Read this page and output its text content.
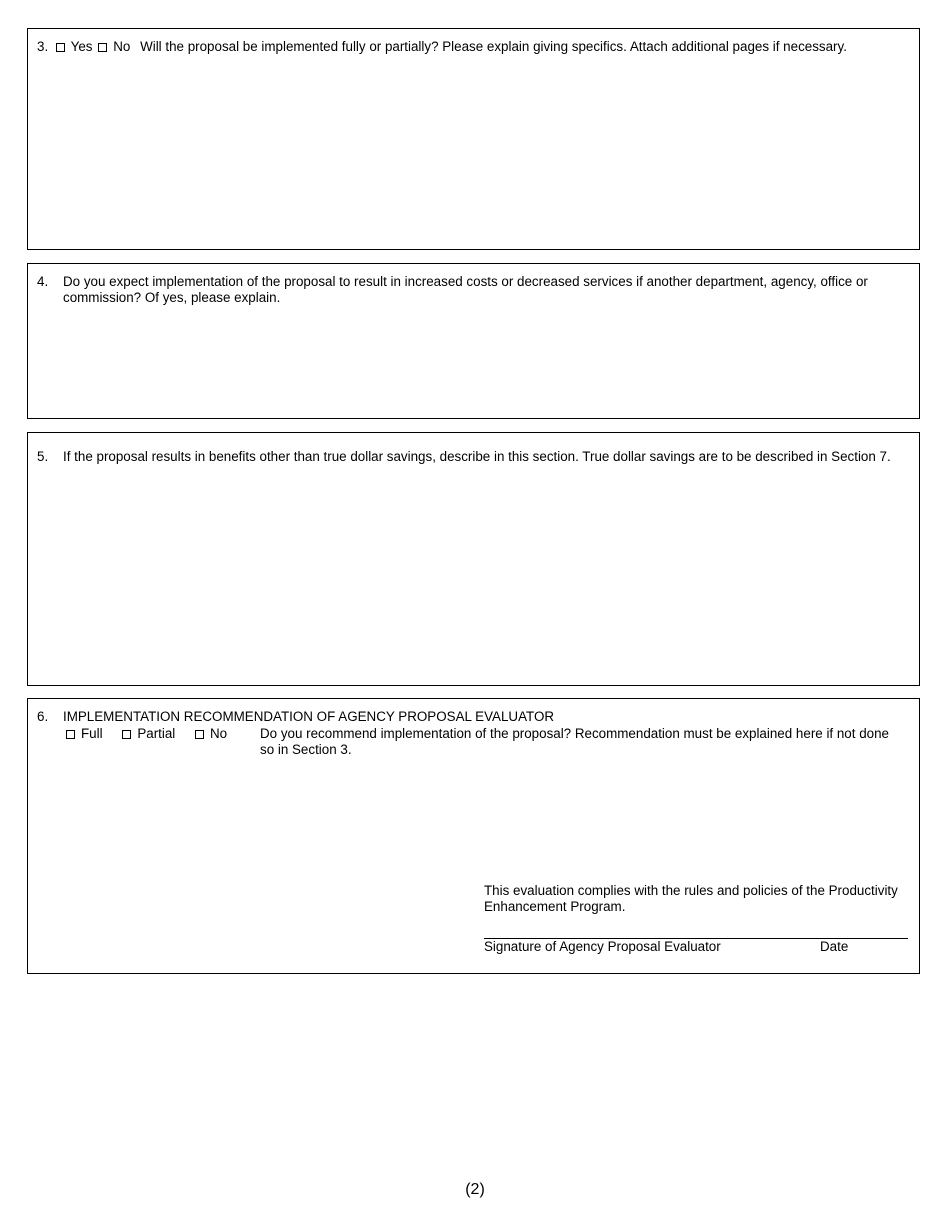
3. Yes No Will the proposal be implemented fully or partially? Please explain giving specifics. Attach additional pages if necessary.
4. Do you expect implementation of the proposal to result in increased costs or decreased services if another department, agency, office or commission? Of yes, please explain.
5. If the proposal results in benefits other than true dollar savings, describe in this section. True dollar savings are to be described in Section 7.
6. IMPLEMENTATION RECOMMENDATION OF AGENCY PROPOSAL EVALUATOR
Full	Partial	No Do you recommend implementation of the proposal? Recommendation must be explained here if not done so in Section 3.
This evaluation complies with the rules and policies of the Productivity Enhancement Program.
Signature of Agency Proposal Evaluator	Date
(2)
